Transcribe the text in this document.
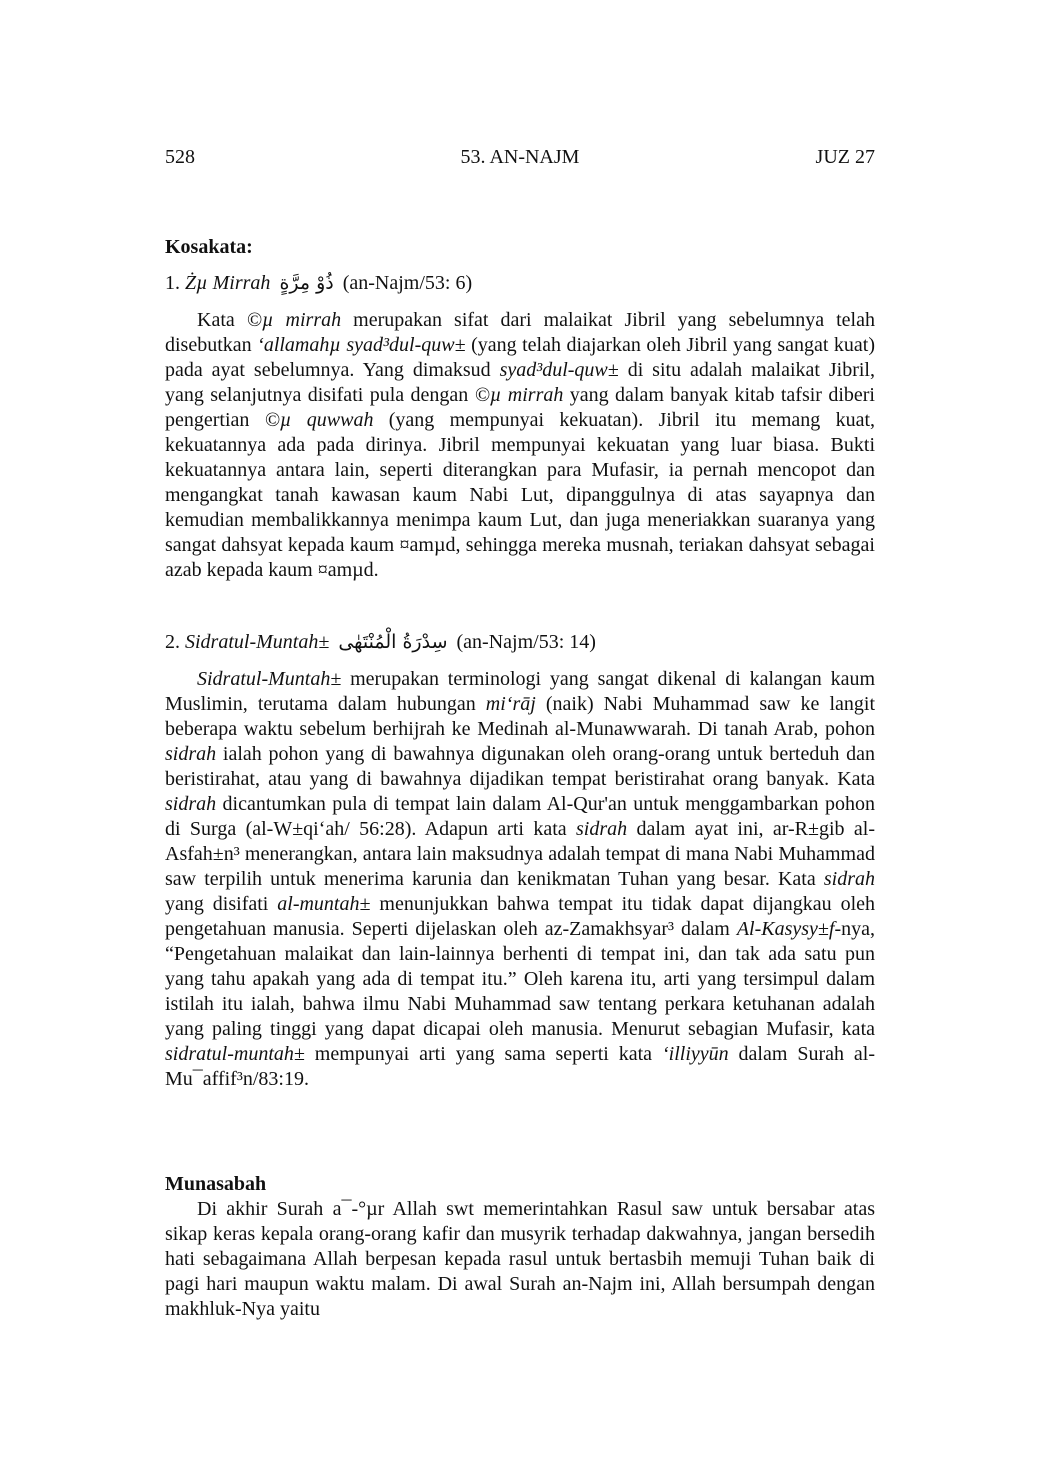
528	53. AN-NAJM	JUZ 27
Kosakata:
1. Żµ Mirrah ذُوْ مِرَّةٍ (an-Najm/53: 6)

Kata ©µ mirrah merupakan sifat dari malaikat Jibril yang sebelumnya telah disebutkan ‘allamahµ syad³dul-quw± (yang telah diajarkan oleh Jibril yang sangat kuat) pada ayat sebelumnya. Yang dimaksud syad³dul-quw± di situ adalah malaikat Jibril, yang selanjutnya disifati pula dengan ©µ mirrah yang dalam banyak kitab tafsir diberi pengertian ©µ quwwah (yang mempunyai kekuatan). Jibril itu memang kuat, kekuatannya ada pada dirinya. Jibril mempunyai kekuatan yang luar biasa. Bukti kekuatannya antara lain, seperti diterangkan para Mufasir, ia pernah mencopot dan mengangkat tanah kawasan kaum Nabi Lut, dipanggulnya di atas sayapnya dan kemudian membalikkannya menimpa kaum Lut, dan juga meneriakkan suaranya yang sangat dahsyat kepada kaum ¤amµd, sehingga mereka musnah, teriakan dahsyat sebagai azab kepada kaum ¤amµd.

2. Sidratul-Muntah± سِدْرَةُ الْمُنْتَهٰى (an-Najm/53: 14)

Sidratul-Muntah± merupakan terminologi yang sangat dikenal di kalangan kaum Muslimin, terutama dalam hubungan mi‘rāj (naik) Nabi Muhammad saw ke langit beberapa waktu sebelum berhijrah ke Medinah al-Munawwarah. Di tanah Arab, pohon sidrah ialah pohon yang di bawahnya digunakan oleh orang-orang untuk berteduh dan beristirahat, atau yang di bawahnya dijadikan tempat beristirahat orang banyak. Kata sidrah dicantumkan pula di tempat lain dalam Al-Qur'an untuk menggambarkan pohon di Surga (al-W±qi‘ah/ 56:28). Adapun arti kata sidrah dalam ayat ini, ar-R±gib al-Asfah±n³ menerangkan, antara lain maksudnya adalah tempat di mana Nabi Muhammad saw terpilih untuk menerima karunia dan kenikmatan Tuhan yang besar. Kata sidrah yang disifati al-muntah± menunjukkan bahwa tempat itu tidak dapat dijangkau oleh pengetahuan manusia. Seperti dijelaskan oleh az-Zamakhsyar³ dalam Al-Kasysy±f-nya, “Pengetahuan malaikat dan lain-lainnya berhenti di tempat ini, dan tak ada satu pun yang tahu apakah yang ada di tempat itu.” Oleh karena itu, arti yang tersimpul dalam istilah itu ialah, bahwa ilmu Nabi Muhammad saw tentang perkara ketuhanan adalah yang paling tinggi yang dapat dicapai oleh manusia. Menurut sebagian Mufasir, kata sidratul-muntah± mempunyai arti yang sama seperti kata ‘illiyyūn dalam Surah al-Mu¯affif³n/83:19.

Munasabah

Di akhir Surah a¯-°µr Allah swt memerintahkan Rasul saw untuk bersabar atas sikap keras kepala orang-orang kafir dan musyrik terhadap dakwahnya, jangan bersedih hati sebagaimana Allah berpesan kepada rasul untuk bertasbih memuji Tuhan baik di pagi hari maupun waktu malam. Di awal Surah an-Najm ini, Allah bersumpah dengan makhluk-Nya yaitu
